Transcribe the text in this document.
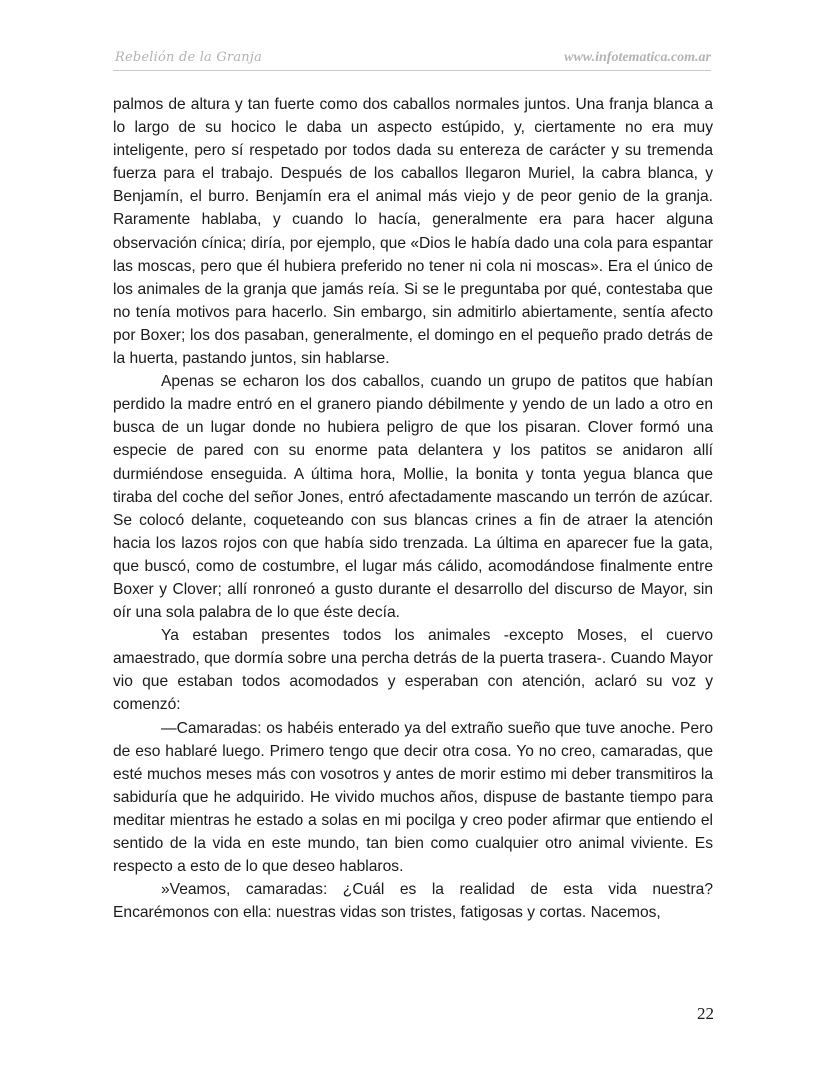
Rebelión de la Granja	www.infotematica.com.ar

palmos de altura y tan fuerte como dos caballos normales juntos. Una franja blanca a lo largo de su hocico le daba un aspecto estúpido, y, ciertamente no era muy inteligente, pero sí respetado por todos dada su entereza de carácter y su tremenda fuerza para el trabajo. Después de los caballos llegaron Muriel, la cabra blanca, y Benjamín, el burro. Benjamín era el animal más viejo y de peor genio de la granja. Raramente hablaba, y cuando lo hacía, generalmente era para hacer alguna observación cínica; diría, por ejemplo, que «Dios le había dado una cola para espantar las moscas, pero que él hubiera preferido no tener ni cola ni moscas». Era el único de los animales de la granja que jamás reía. Si se le preguntaba por qué, contestaba que no tenía motivos para hacerlo. Sin embargo, sin admitirlo abiertamente, sentía afecto por Boxer; los dos pasaban, generalmente, el domingo en el pequeño prado detrás de la huerta, pastando juntos, sin hablarse.

Apenas se echaron los dos caballos, cuando un grupo de patitos que habían perdido la madre entró en el granero piando débilmente y yendo de un lado a otro en busca de un lugar donde no hubiera peligro de que los pisaran. Clover formó una especie de pared con su enorme pata delantera y los patitos se anidaron allí durmiéndose enseguida. A última hora, Mollie, la bonita y tonta yegua blanca que tiraba del coche del señor Jones, entró afectadamente mascando un terrón de azúcar. Se colocó delante, coqueteando con sus blancas crines a fin de atraer la atención hacia los lazos rojos con que había sido trenzada. La última en aparecer fue la gata, que buscó, como de costumbre, el lugar más cálido, acomodándose finalmente entre Boxer y Clover; allí ronroneó a gusto durante el desarrollo del discurso de Mayor, sin oír una sola palabra de lo que éste decía.

Ya estaban presentes todos los animales -excepto Moses, el cuervo amaestrado, que dormía sobre una percha detrás de la puerta trasera-. Cuando Mayor vio que estaban todos acomodados y esperaban con atención, aclaró su voz y comenzó:

—Camaradas: os habéis enterado ya del extraño sueño que tuve anoche. Pero de eso hablaré luego. Primero tengo que decir otra cosa. Yo no creo, camaradas, que esté muchos meses más con vosotros y antes de morir estimo mi deber transmitiros la sabiduría que he adquirido. He vivido muchos años, dispuse de bastante tiempo para meditar mientras he estado a solas en mi pocilga y creo poder afirmar que entiendo el sentido de la vida en este mundo, tan bien como cualquier otro animal viviente. Es respecto a esto de lo que deseo hablaros.

»Veamos, camaradas: ¿Cuál es la realidad de esta vida nuestra? Encarémonos con ella: nuestras vidas son tristes, fatigosas y cortas. Nacemos,

22
